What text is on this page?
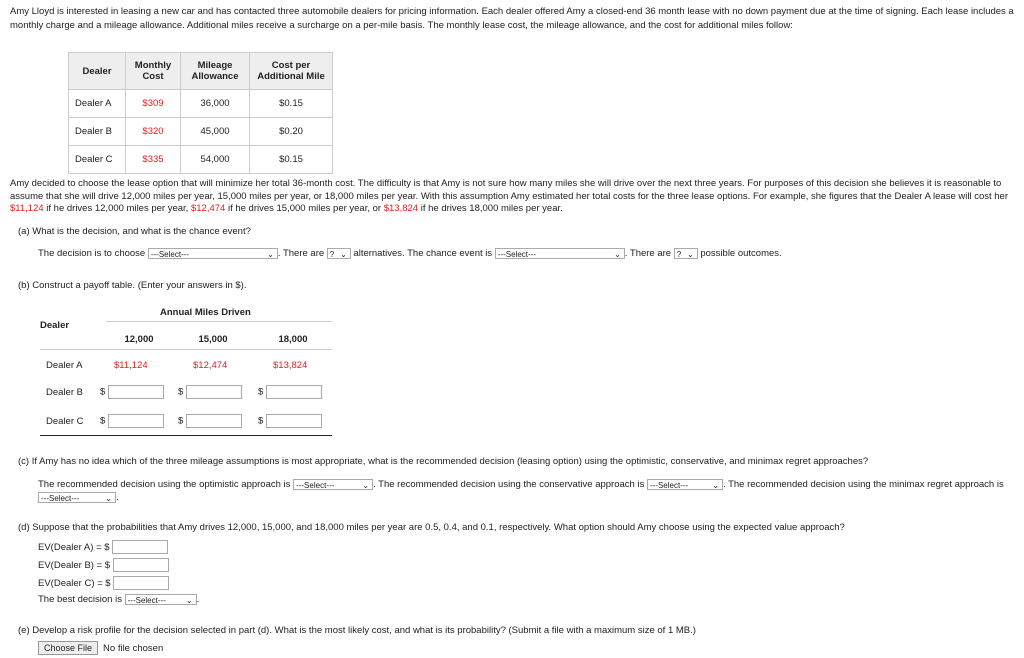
Amy Lloyd is interested in leasing a new car and has contacted three automobile dealers for pricing information. Each dealer offered Amy a closed-end 36 month lease with no down payment due at the time of signing. Each lease includes a monthly charge and a mileage allowance. Additional miles receive a surcharge on a per-mile basis. The monthly lease cost, the mileage allowance, and the cost for additional miles follow:

Dealer	Monthly Cost	Mileage Allowance	Cost per Additional Mile
Dealer A	$309	36,000	$0.15
Dealer B	$320	45,000	$0.20
Dealer C	$335	54,000	$0.15

Amy decided to choose the lease option that will minimize her total 36-month cost. The difficulty is that Amy is not sure how many miles she will drive over the next three years. For purposes of this decision she believes it is reasonable to assume that she will drive 12,000 miles per year, 15,000 miles per year, or 18,000 miles per year. With this assumption Amy estimated her total costs for the three lease options. For example, she figures that the Dealer A lease will cost her $11,124 if he drives 12,000 miles per year, $12,474 if he drives 15,000 miles per year, or $13,824 if he drives 18,000 miles per year.

(a) What is the decision, and what is the chance event?

The decision is to choose
---Select---	⌄ . There are
? ⌄
alternatives. The chance event is
---Select---	⌄ . There are
? ⌄
possible outcomes.

(b) Construct a payoff table. (Enter your answers in $).

Dealer
Annual Miles Driven
12,000	15,000	18,000
Dealer A	$11,124	$12,474	$13,824
Dealer B $	$	$
Dealer C $	$	$

(c) If Amy has no idea which of the three mileage assumptions is most appropriate, what is the recommended decision (leasing option) using the optimistic, conservative, and minimax regret approaches?

The recommended decision using the optimistic approach is ---Select---	⌄ . The recommended decision using the conservative approach is ---Select---	⌄ . The recommended decision using the minimax regret approach is ---Select---	⌄ .

(d) Suppose that the probabilities that Amy drives 12,000, 15,000, and 18,000 miles per year are 0.5, 0.4, and 0.1, respectively. What option should Amy choose using the expected value approach?

EV(Dealer A) = $

EV(Dealer B) = $

EV(Dealer C) = $

The best decision is
---Select---	⌄ .

(e) Develop a risk profile for the decision selected in part (d). What is the most likely cost, and what is its probability? (Submit a file with a maximum size of 1 MB.)

Choose File	No file chosen
